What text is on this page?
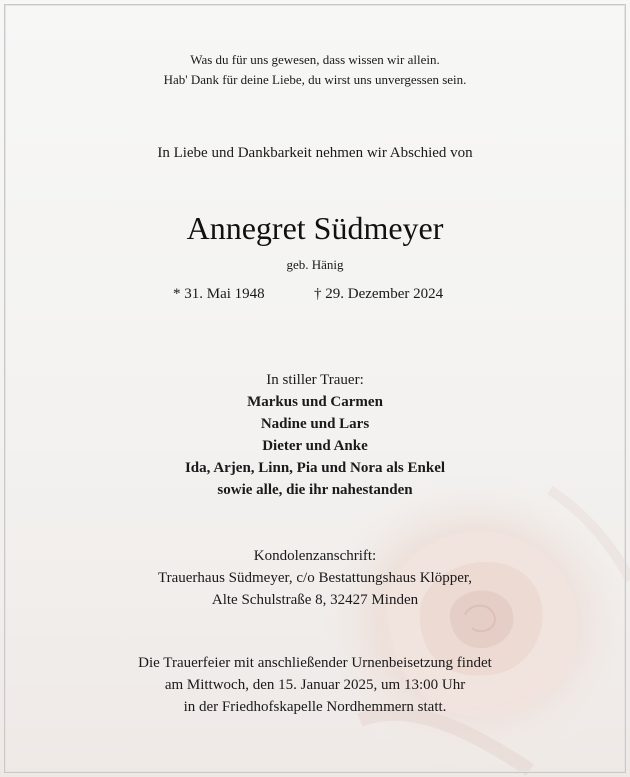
Was du für uns gewesen, dass wissen wir allein.
Hab' Dank für deine Liebe, du wirst uns unvergessen sein.
In Liebe und Dankbarkeit nehmen wir Abschied von
Annegret Südmeyer
geb. Hänig
* 31. Mai 1948	† 29. Dezember 2024
In stiller Trauer:
Markus und Carmen
Nadine und Lars
Dieter und Anke
Ida, Arjen, Linn, Pia und Nora als Enkel
sowie alle, die ihr nahestanden
Kondolenzanschrift:
Trauerhaus Südmeyer, c/o Bestattungshaus Klöpper,
Alte Schulstraße 8, 32427 Minden
Die Trauerfeier mit anschließender Urnenbeisetzung findet
am Mittwoch, den 15. Januar 2025, um 13:00 Uhr
in der Friedhofskapelle Nordhemmern statt.
